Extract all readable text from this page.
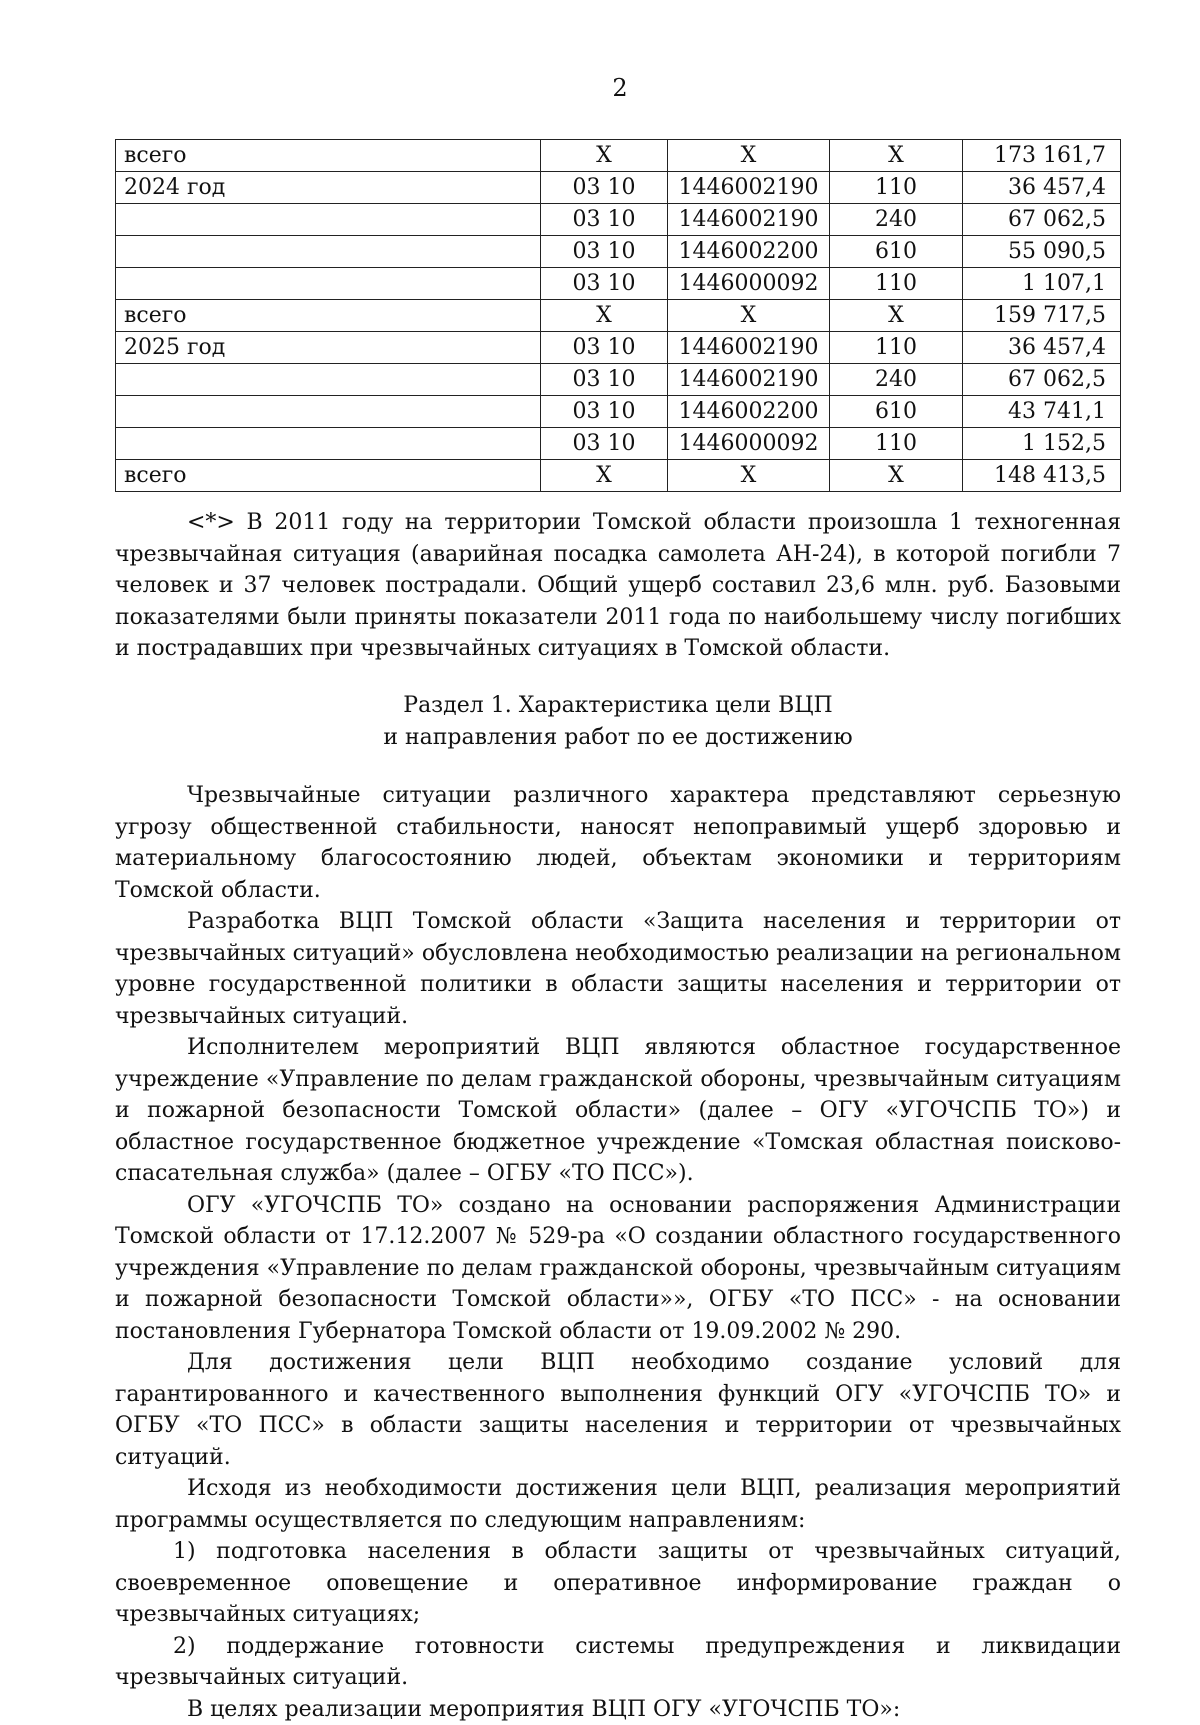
2
всего	Х	Х	Х	173 161,7
2024 год	03 10	1446002190	110	36 457,4
	03 10	1446002190	240	67 062,5
	03 10	1446002200	610	55 090,5
	03 10	1446000092	110	1 107,1
всего	Х	Х	Х	159 717,5
2025 год	03 10	1446002190	110	36 457,4
	03 10	1446002190	240	67 062,5
	03 10	1446002200	610	43 741,1
	03 10	1446000092	110	1 152,5
всего	Х	Х	Х	148 413,5

<*> В 2011 году на территории Томской области произошла 1 техногенная чрезвычайная ситуация (аварийная посадка самолета АН-24), в которой погибли 7 человек и 37 человек пострадали. Общий ущерб составил 23,6 млн. руб. Базовыми показателями были приняты показатели 2011 года по наибольшему числу погибших и пострадавших при чрезвычайных ситуациях в Томской области.

Раздел 1. Характеристика цели ВЦП
и направления работ по ее достижению

Чрезвычайные ситуации различного характера представляют серьезную угрозу общественной стабильности, наносят непоправимый ущерб здоровью и материальному благосостоянию людей, объектам экономики и территориям Томской области.

Разработка ВЦП Томской области «Защита населения и территории от чрезвычайных ситуаций» обусловлена необходимостью реализации на региональном уровне государственной политики в области защиты населения и территории от чрезвычайных ситуаций.

Исполнителем мероприятий ВЦП являются областное государственное учреждение «Управление по делам гражданской обороны, чрезвычайным ситуациям и пожарной безопасности Томской области» (далее – ОГУ «УГОЧСПБ ТО») и областное государственное бюджетное учреждение «Томская областная поисково-спасательная служба» (далее – ОГБУ «ТО ПСС»).

ОГУ «УГОЧСПБ ТО» создано на основании распоряжения Администрации Томской области от 17.12.2007 № 529-ра «О создании областного государственного учреждения «Управление по делам гражданской обороны, чрезвычайным ситуациям и пожарной безопасности Томской области»», ОГБУ «ТО ПСС» - на основании постановления Губернатора Томской области от 19.09.2002 № 290.

Для достижения цели ВЦП необходимо создание условий для гарантированного и качественного выполнения функций ОГУ «УГОЧСПБ ТО» и ОГБУ «ТО ПСС» в области защиты населения и территории от чрезвычайных ситуаций.

Исходя из необходимости достижения цели ВЦП, реализация мероприятий программы осуществляется по следующим направлениям:

1) подготовка населения в области защиты от чрезвычайных ситуаций, своевременное оповещение и оперативное информирование граждан о чрезвычайных ситуациях;

2) поддержание готовности системы предупреждения и ликвидации чрезвычайных ситуаций.

В целях реализации мероприятия ВЦП ОГУ «УГОЧСПБ ТО»:
